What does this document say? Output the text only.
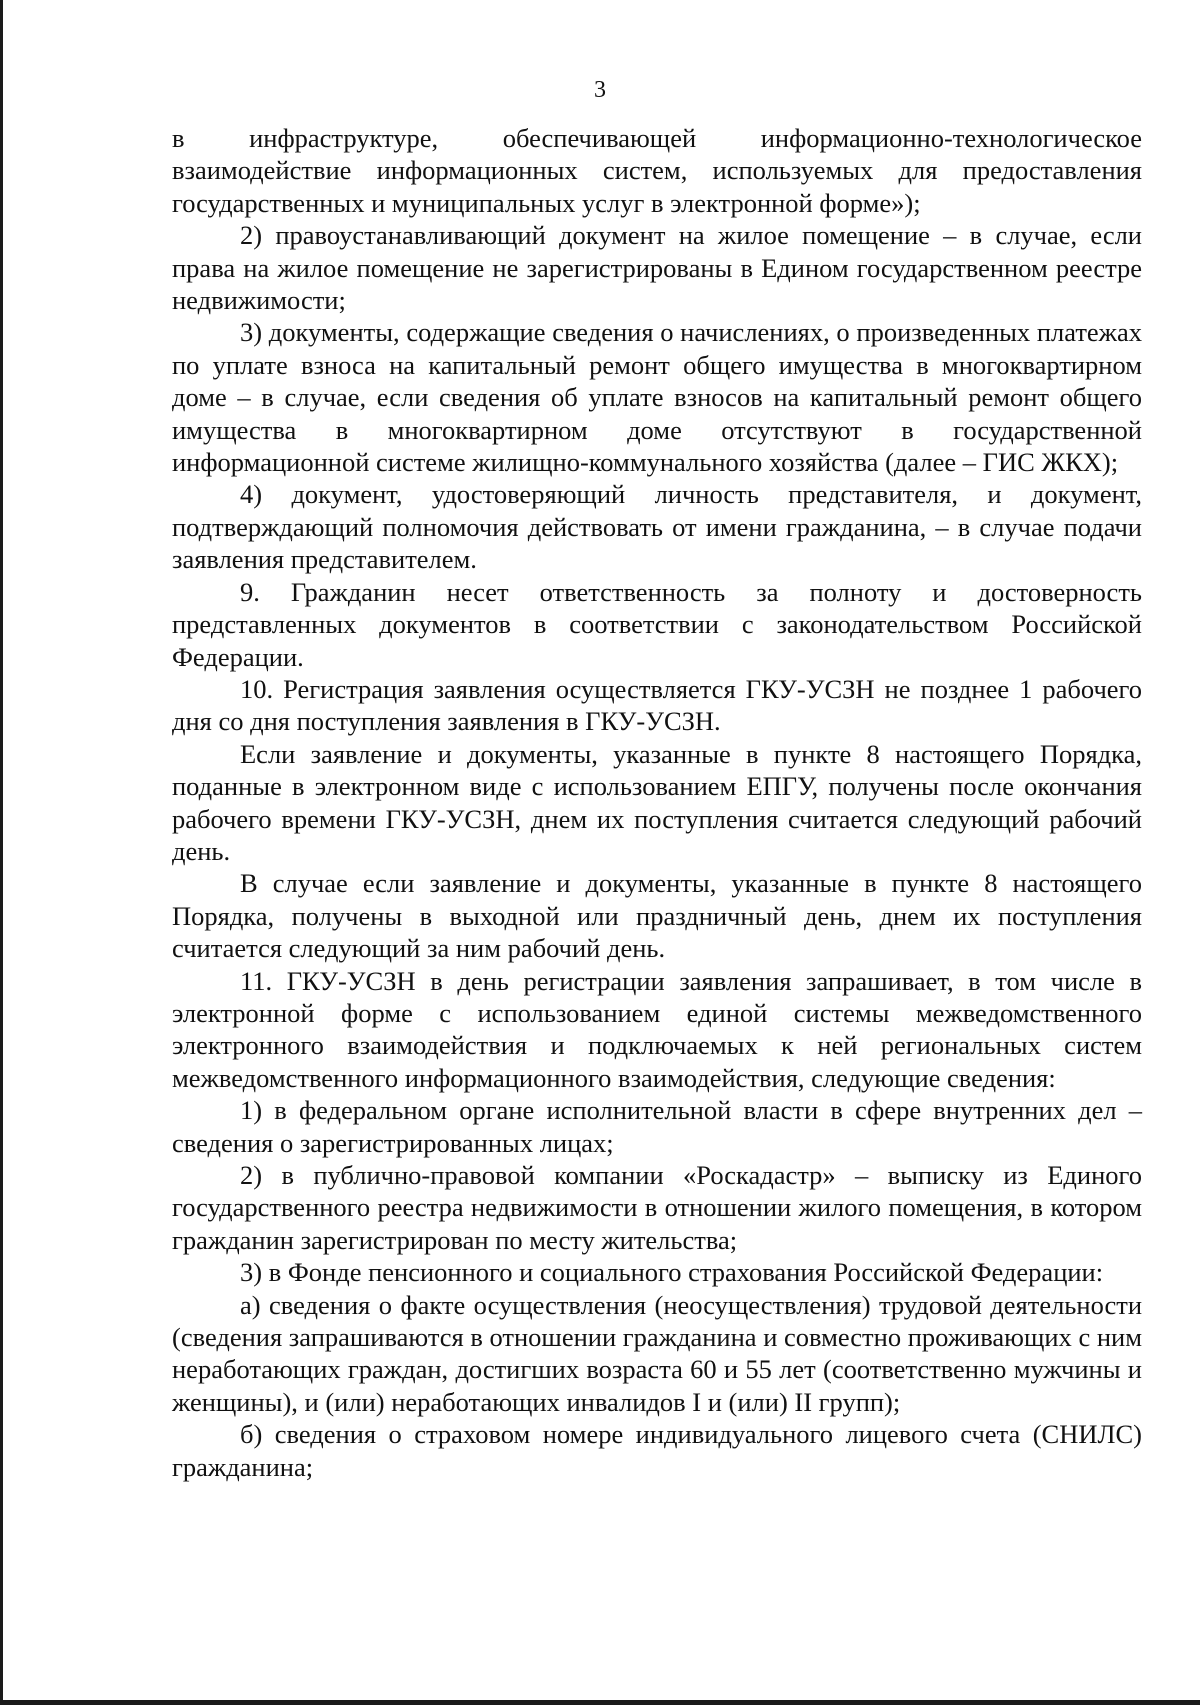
3

в инфраструктуре, обеспечивающей информационно-технологическое взаимодействие информационных систем, используемых для предоставления государственных и муниципальных услуг в электронной форме»);

2) правоустанавливающий документ на жилое помещение – в случае, если права на жилое помещение не зарегистрированы в Едином государственном реестре недвижимости;

3) документы, содержащие сведения о начислениях, о произведенных платежах по уплате взноса на капитальный ремонт общего имущества в многоквартирном доме – в случае, если сведения об уплате взносов на капитальный ремонт общего имущества в многоквартирном доме отсутствуют в государственной информационной системе жилищно-коммунального хозяйства (далее – ГИС ЖКХ);

4) документ, удостоверяющий личность представителя, и документ, подтверждающий полномочия действовать от имени гражданина, – в случае подачи заявления представителем.

9. Гражданин несет ответственность за полноту и достоверность представленных документов в соответствии с законодательством Российской Федерации.

10. Регистрация заявления осуществляется ГКУ-УСЗН не позднее 1 рабочего дня со дня поступления заявления в ГКУ-УСЗН.

Если заявление и документы, указанные в пункте 8 настоящего Порядка, поданные в электронном виде с использованием ЕПГУ, получены после окончания рабочего времени ГКУ-УСЗН, днем их поступления считается следующий рабочий день.

В случае если заявление и документы, указанные в пункте 8 настоящего Порядка, получены в выходной или праздничный день, днем их поступления считается следующий за ним рабочий день.

11. ГКУ-УСЗН в день регистрации заявления запрашивает, в том числе в электронной форме с использованием единой системы межведомственного электронного взаимодействия и подключаемых к ней региональных систем межведомственного информационного взаимодействия, следующие сведения:

1) в федеральном органе исполнительной власти в сфере внутренних дел – сведения о зарегистрированных лицах;

2) в публично-правовой компании «Роскадастр» – выписку из Единого государственного реестра недвижимости в отношении жилого помещения, в котором гражданин зарегистрирован по месту жительства;

3) в Фонде пенсионного и социального страхования Российской Федерации:

а) сведения о факте осуществления (неосуществления) трудовой деятельности (сведения запрашиваются в отношении гражданина и совместно проживающих с ним неработающих граждан, достигших возраста 60 и 55 лет (соответственно мужчины и женщины), и (или) неработающих инвалидов I и (или) II групп);

б) сведения о страховом номере индивидуального лицевого счета (СНИЛС) гражданина;
